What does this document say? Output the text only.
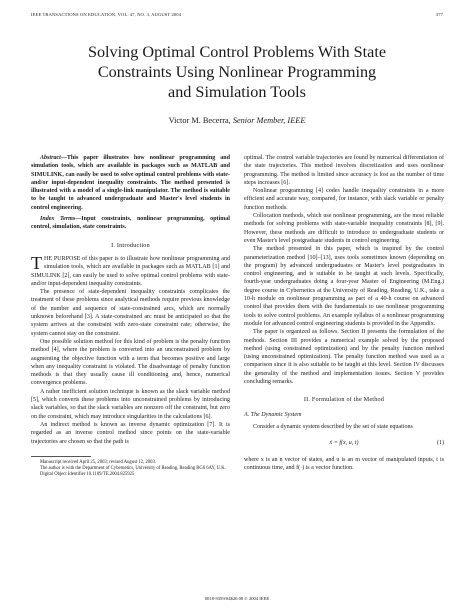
IEEE TRANSACTIONS ON EDUCATION, VOL. 47, NO. 3, AUGUST 2004	377
Solving Optimal Control Problems With State
Constraints Using Nonlinear Programming
and Simulation Tools
Victor M. Becerra, Senior Member, IEEE

Abstract—This paper illustrates how nonlinear programming and simulation tools, which are available in packages such as MATLAB and SIMULINK, can easily be used to solve optimal control problems with state- and/or input-dependent inequality constraints. The method presented is illustrated with a model of a single-link manipulator. The method is suitable to be taught to advanced undergraduate and Master's level students in control engineering.

Index Terms—Input constraints, nonlinear programming, optimal control, simulation, state constraints.

I. Introduction

THE PURPOSE of this paper is to illustrate how nonlinear programming and simulation tools, which are available in packages such as MATLAB [1] and SIMULINK [2], can easily be used to solve optimal control problems with state- and/or input-dependent inequality constraints.

The presence of state-dependent inequality constraints complicates the treatment of these problems since analytical methods require previous knowledge of the number and sequence of state-constrained arcs, which are normally unknown beforehand [3]. A state-constrained arc must be anticipated so that the system arrives at the constraint with zero-state constraint rate; otherwise, the system cannot stay on the constraint.

One possible solution method for this kind of problem is the penalty function method [4], where the problem is converted into an unconstrained problem by augmenting the objective function with a term that becomes positive and large when any inequality constraint is violated. The disadvantage of penalty function methods is that they usually cause ill conditioning and, hence, numerical convergence problems.

A rather inefficient solution technique is known as the slack variable method [5], which converts these problems into unconstrained problems by introducing slack variables, so that the slack variables are nonzero off the constraint, but zero on the constraint, which may introduce singularities in the calculations [6].

An indirect method is known as inverse dynamic optimization [7]. It is regarded as an inverse control method since points on the state-variable trajectories are chosen so that the path is

Manuscript received April 25, 2003; revised August 12, 2003.

The author is with the Department of Cybernetics, University of Reading, Reading RG6 6AY, U.K.

Digital Object Identifier 10.1109/TE.2004.825925

optimal. The control variable trajectories are found by numerical differentiation of the state trajectories. This method involves discretization and uses nonlinear programming. The method is limited since accuracy is lost as the number of time steps increases [6].

Nonlinear programming [4] codes handle inequality constraints in a more efficient and accurate way, compared, for instance, with slack variable or penalty function methods.

Collocation methods, which use nonlinear programming, are the most reliable methods for solving problems with state-variable inequality constraints [8], [9]. However, these methods are difficult to introduce to undergraduate students or even Master's level postgraduate students in control engineering.

The method presented in this paper, which is inspired by the control parameterization method [10]–[13], uses tools sometimes known (depending on the program) by advanced undergraduates or Master's level postgraduates in control engineering, and is suitable to be taught at such levels. Specifically, fourth-year undergraduates doing a four-year Master of Engineering (M.Eng.) degree course in Cybernetics at the University of Reading, Reading, U.K., take a 10-h module on nonlinear programming as part of a 40-h course on advanced control that provides them with the fundamentals to use nonlinear programming tools to solve control problems. An example syllabus of a nonlinear programming module for advanced control engineering students is provided in the Appendix.

The paper is organized as follows. Section II presents the formulation of the methods. Section III provides a numerical example solved by the proposed method (using constrained optimization) and by the penalty function method (using unconstrained optimization). The penalty function method was used as a comparison since it is also suitable to be taught at this level. Section IV discusses the generality of the method and implementation issues. Section V provides concluding remarks.

II. Formulation of the Method
A. The Dynamic System

Consider a dynamic system described by the set of state equations

ẋ = f(x, u, t)	(1)

where x is an n vector of states, and u is an m vector of manipulated inputs, t is continuous time, and f(·) is a vector function.

0018-9359/04$20.00 © 2004 IEEE
